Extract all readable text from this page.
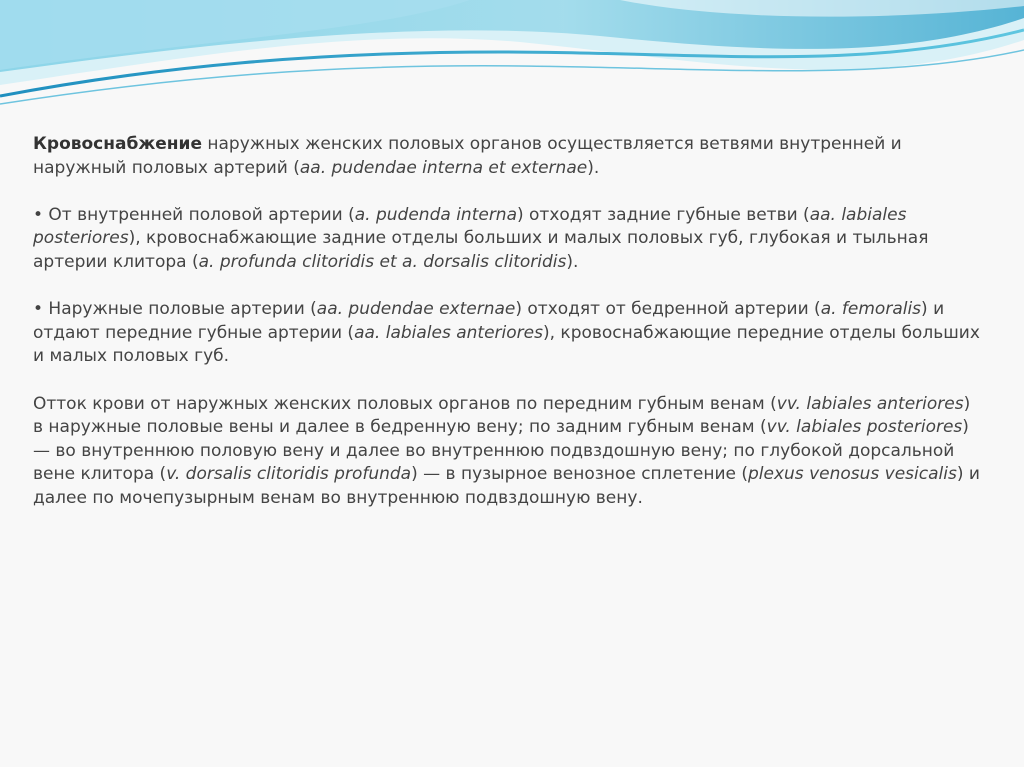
Кровоснабжение наружных женских половых органов осуществляется ветвями внутренней и наружный половых артерий (aa. pudendae interna et externae).

• От внутренней половой артерии (a. pudenda interna) отходят задние губные ветви (aa. labiales posteriores), кровоснабжающие задние отделы больших и малых половых губ, глубокая и тыльная артерии клитора (a. profunda clitoridis et a. dorsalis clitoridis).

• Наружные половые артерии (aa. pudendae externae) отходят от бедренной артерии (a. femoralis) и отдают передние губные артерии (aa. labiales anteriores), кровоснабжающие передние отделы больших и малых половых губ.

Отток крови от наружных женских половых органов по передним губным венам (vv. labiales anteriores) в наружные половые вены и далее в бедренную вену; по задним губным венам (vv. labiales posteriores) — во внутреннюю половую вену и далее во внутреннюю подвздошную вену; по глубокой дорсальной вене клитора (v. dorsalis clitoridis profunda) — в пузырное венозное сплетение (plexus venosus vesicalis) и далее по мочепузырным венам во внутреннюю подвздошную вену.
